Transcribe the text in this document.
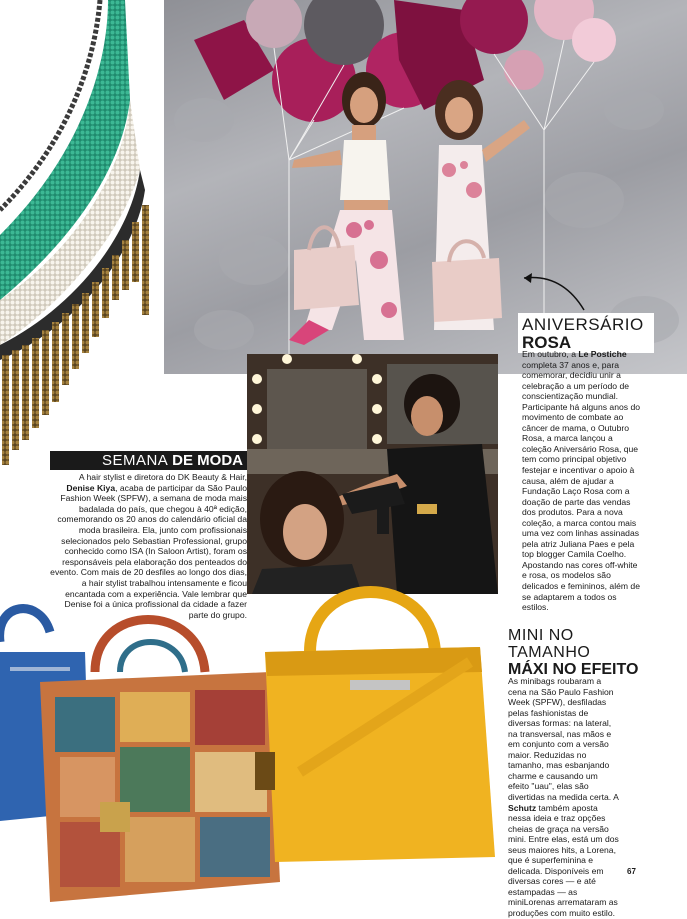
SEMANA DE MODA
A hair stylist e diretora do DK Beauty & Hair, Denise Kiya, acaba de participar da São Paulo Fashion Week (SPFW), a semana de moda mais badalada do país, que chegou à 40ª edição, comemorando os 20 anos do calendário oficial da moda brasileira. Ela, junto com profissionais selecionados pelo Sebastian Professional, grupo conhecido como ISA (In Saloon Artist), foram os responsáveis pela elaboração dos penteados do evento. Com mais de 20 desfiles ao longo dos dias, a hair stylist trabalhou intensamente e ficou encantada com a experiência. Vale lembrar que Denise foi a única profissional da cidade a fazer parte do grupo.
ANIVERSÁRIO
ROSA
Em outubro, a Le Postiche completa 37 anos e, para comemorar, decidiu unir a celebração a um período de conscientização mundial. Participante há alguns anos do movimento de combate ao câncer de mama, o Outubro Rosa, a marca lançou a coleção Aniversário Rosa, que tem como principal objetivo festejar e incentivar o apoio à causa, além de ajudar a Fundação Laço Rosa com a doação de parte das vendas dos produtos. Para a nova coleção, a marca contou mais uma vez com linhas assinadas pela atriz Juliana Paes e pela top blogger Camila Coelho. Apostando nas cores off-white e rosa, os modelos são delicados e femininos, além de se adaptarem a todos os estilos.
MINI NO
TAMANHO
MÁXI NO EFEITO
As minibags roubaram a cena na São Paulo Fashion Week (SPFW), desfiladas pelas fashionistas de diversas formas: na lateral, na transversal, nas mãos e em conjunto com a versão maior. Reduzidas no tamanho, mas esbanjando charme e causando um efeito "uau", elas são divertidas na medida certa. A Schutz também aposta nessa ideia e traz opções cheias de graça na versão mini. Entre elas, está um dos seus maiores hits, a Lorena, que é superfeminina e delicada. Disponíveis em diversas cores — e até estampadas — as miniLorenas arremataram as produções com muito estilo.
67
